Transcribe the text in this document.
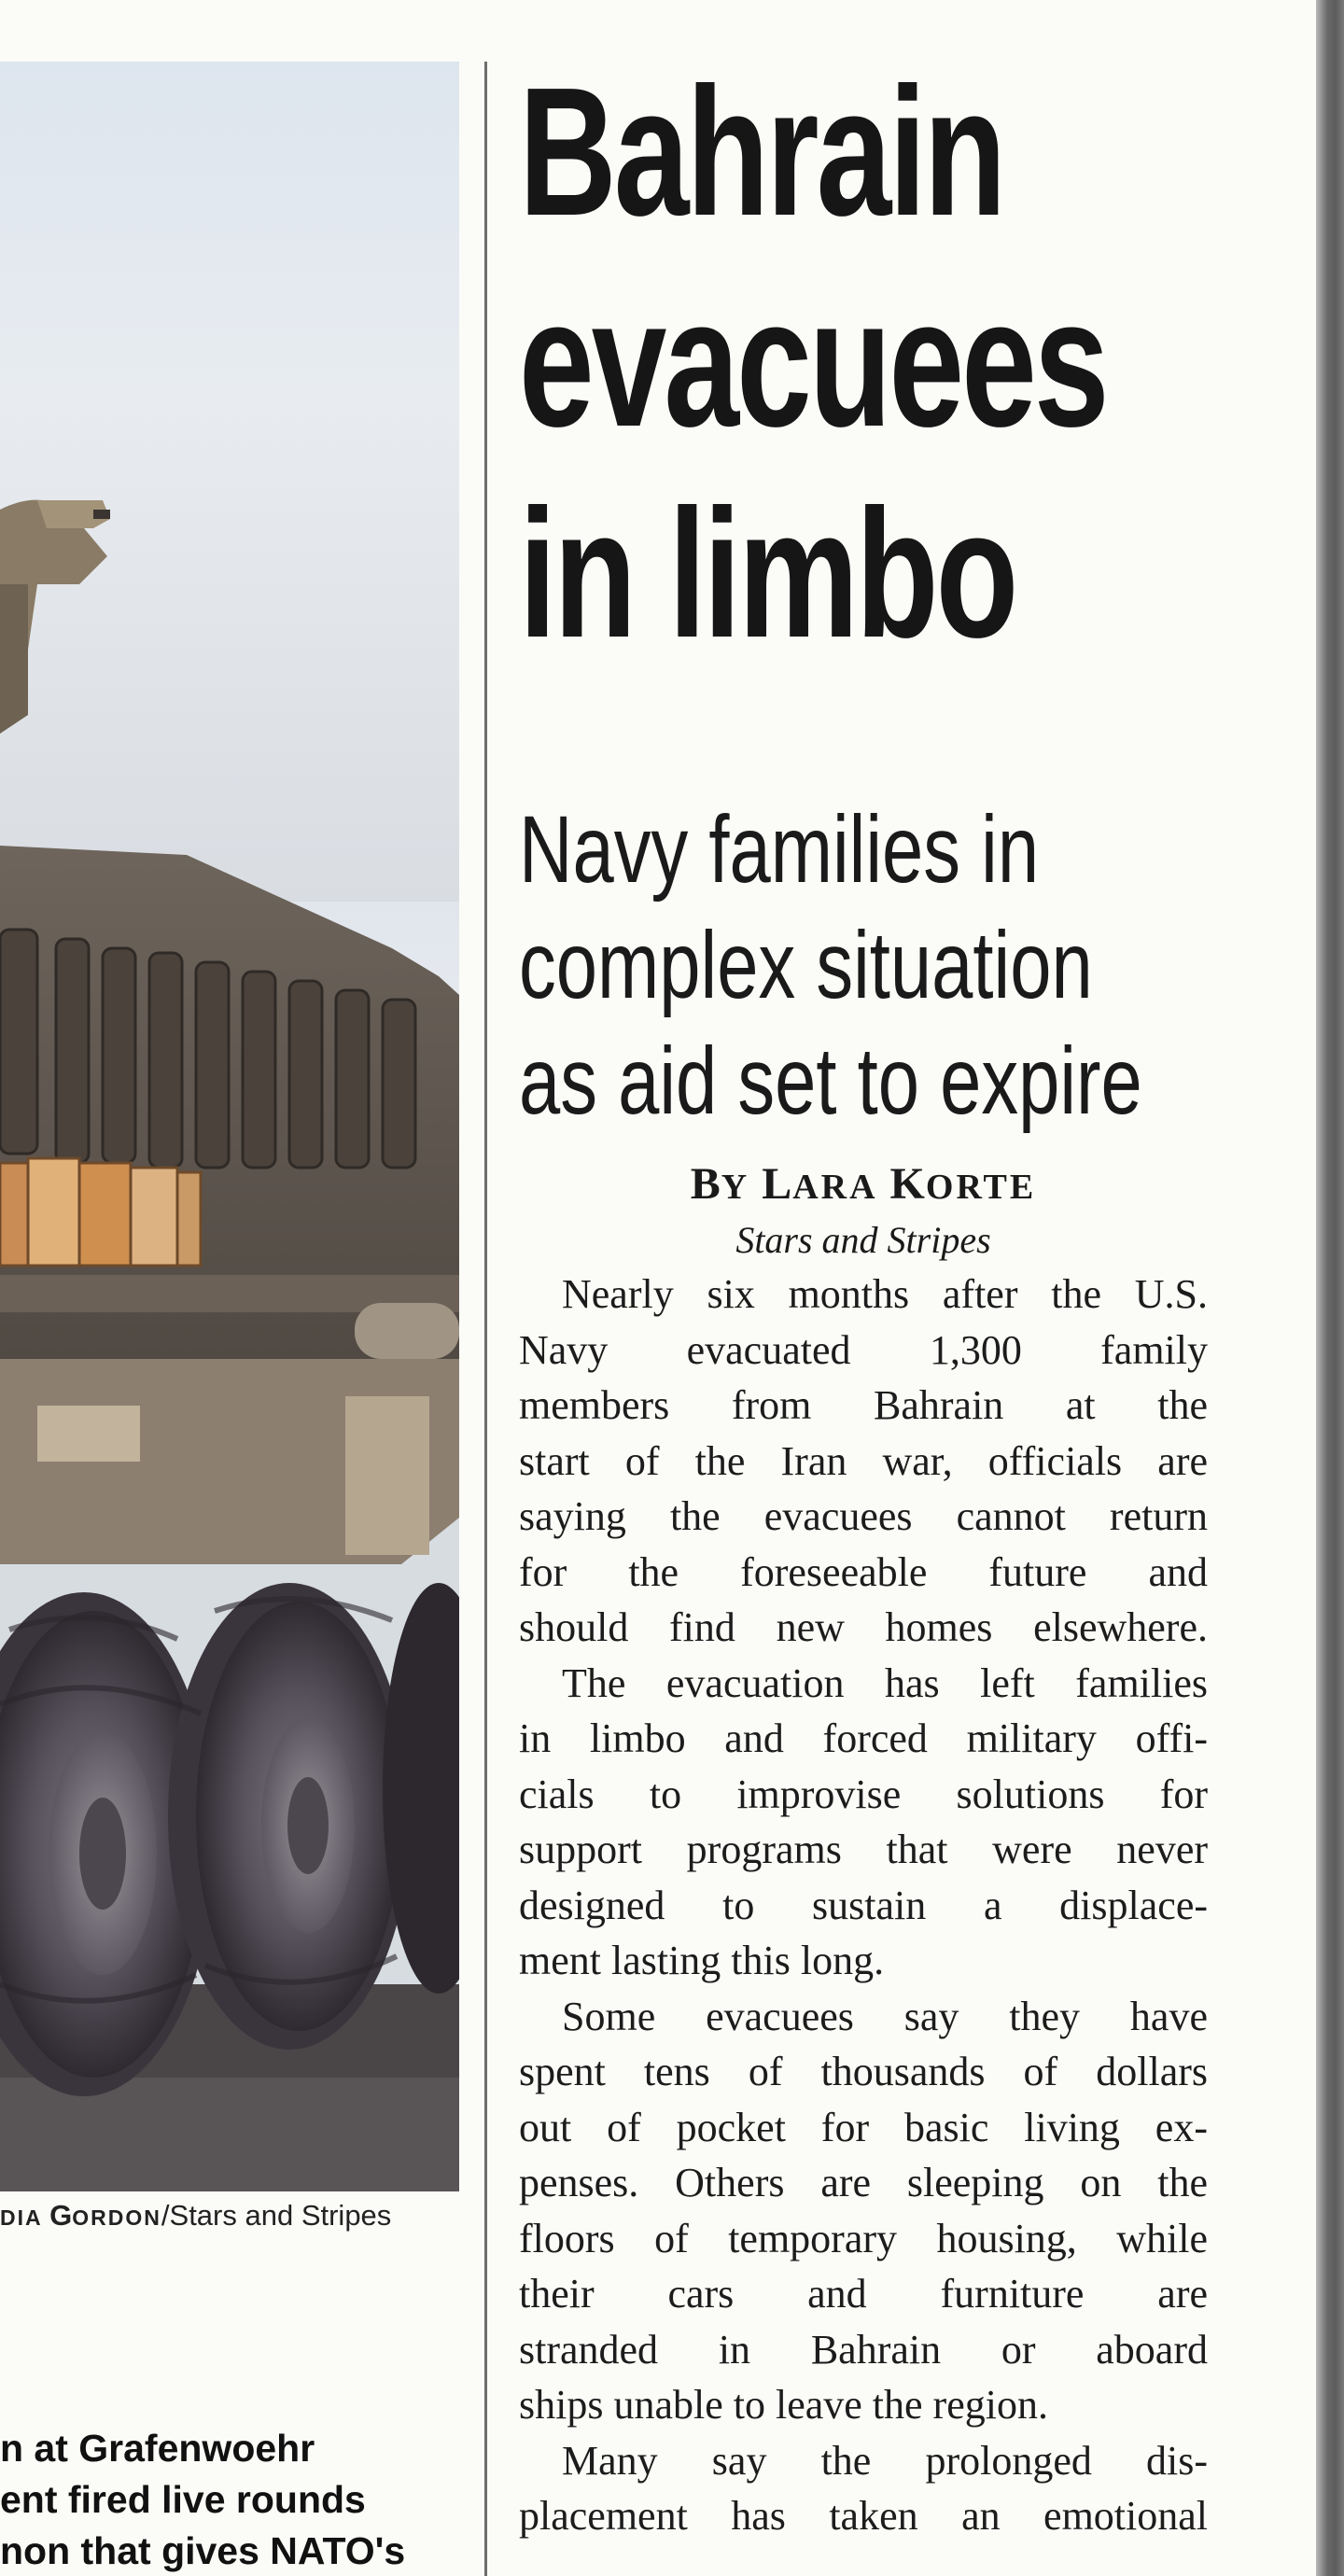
DIA GORDON/Stars and Stripes
n at Grafenwoehr
ent fired live rounds
non that gives NATO's
Bahrain
evacuees
in limbo
Navy families in
complex situation
as aid set to expire
BY LARA KORTE
Stars and Stripes
Nearly six months after the U.S.
Navy evacuated 1,300 family
members from Bahrain at the
start of the Iran war, officials are
saying the evacuees cannot return
for the foreseeable future and
should find new homes elsewhere.
The evacuation has left families
in limbo and forced military offi-
cials to improvise solutions for
support programs that were never
designed to sustain a displace-
ment lasting this long.
Some evacuees say they have
spent tens of thousands of dollars
out of pocket for basic living ex-
penses. Others are sleeping on the
floors of temporary housing, while
their cars and furniture are
stranded in Bahrain or aboard
ships unable to leave the region.
Many say the prolonged dis-
placement has taken an emotional
